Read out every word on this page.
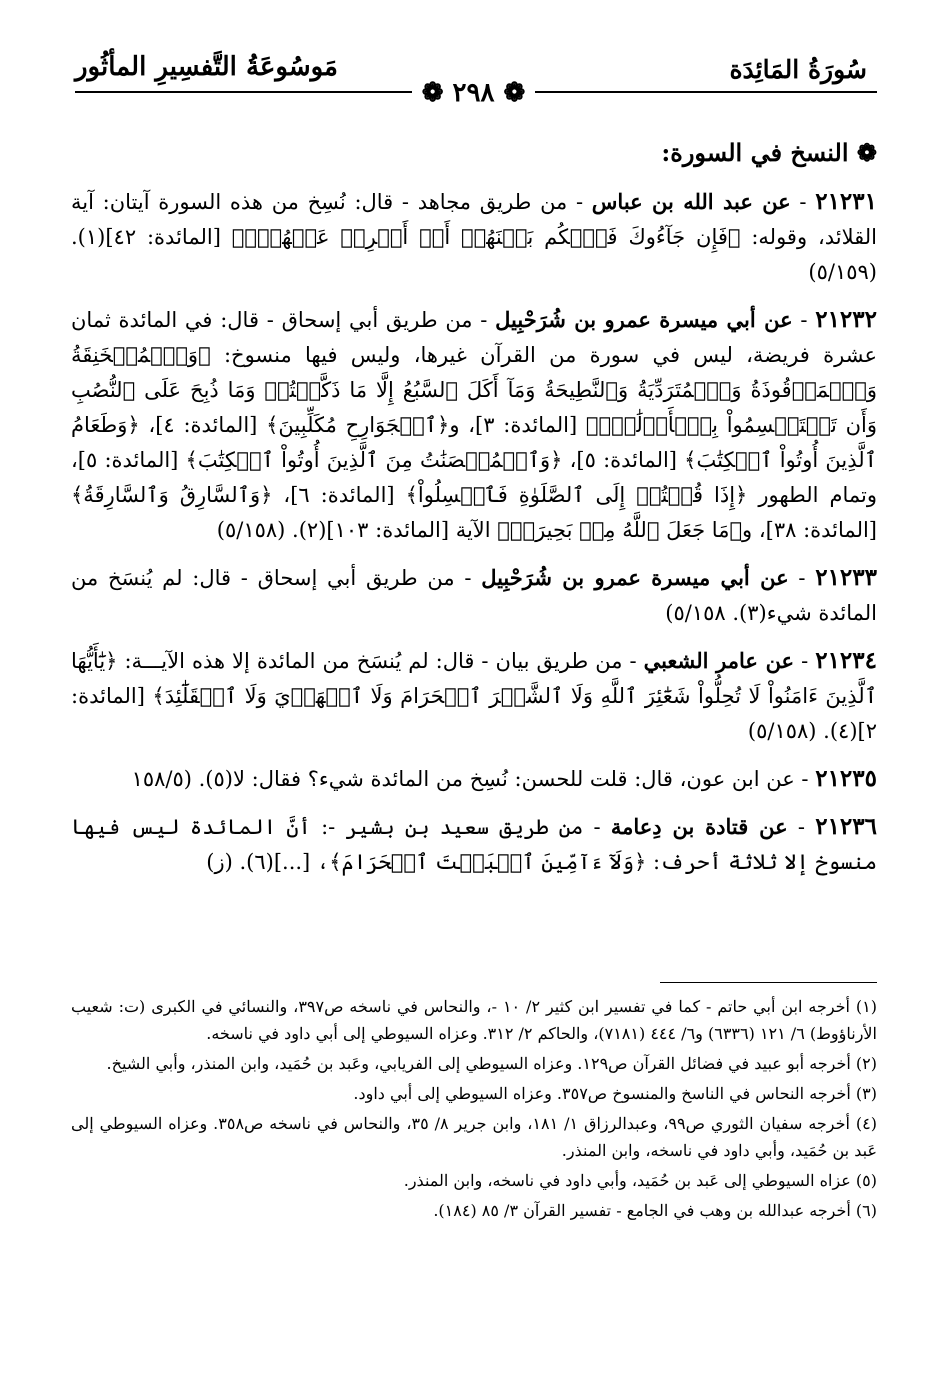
سُورَةُ المَائِدَة
مَوسُوعَةُ التَّفسِيرِ المأثُور
❁ ٢٩٨ ❁
❁ النسخ في السورة:
٢١٢٣١ - عن عبد الله بن عباس - من طريق مجاهد - قال: نُسِخ من هذه السورة آيتان: آية القلائد، وقوله: ﴿فَإِن جَآءُوكَ فَٱحۡكُم بَيۡنَهُمۡ أَوۡ أَعۡرِضۡ عَنۡهُمۡۖ﴾ [المائدة: ٤٢](١). (٥/١٥٩)
٢١٢٣٢ - عن أبي ميسرة عمرو بن شُرَحْبِيل - من طريق أبي إسحاق - قال: في المائدة ثمان عشرة فريضة، ليس في سورة من القرآن غيرها، وليس فيها منسوخ: ﴿وَٱلۡمُنۡخَنِقَةُ وَٱلۡمَوۡقُوذَةُ وَٱلۡمُتَرَدِّيَةُ وَٱلنَّطِيحَةُ وَمَآ أَكَلَ ٱلسَّبُعُ إِلَّا مَا ذَكَّيۡتُمۡ وَمَا ذُبِحَ عَلَى ٱلنُّصُبِ وَأَن تَسۡتَقۡسِمُواْ بِٱلۡأَزۡلَٰمِۚ﴾ [المائدة: ٣]، و﴿ٱلۡجَوَارِحِ مُكَلِّبِينَ﴾ [المائدة: ٤]، ﴿وَطَعَامُ ٱلَّذِينَ أُوتُواْ ٱلۡكِتَٰبَ﴾ [المائدة: ٥]، ﴿وَٱلۡمُحۡصَنَٰتُ مِنَ ٱلَّذِينَ أُوتُواْ ٱلۡكِتَٰبَ﴾ [المائدة: ٥]، وتمام الطهور ﴿إِذَا قُمۡتُمۡ إِلَى ٱلصَّلَوٰةِ فَٱغۡسِلُواْ﴾ [المائدة: ٦]، ﴿وَٱلسَّارِقُ وَٱلسَّارِقَةُ﴾ [المائدة: ٣٨]، و﴿مَا جَعَلَ ٱللَّهُ مِنۢ بَحِيرَةٖ﴾ الآية [المائدة: ١٠٣](٢). (٥/١٥٨)
٢١٢٣٣ - عن أبي ميسرة عمرو بن شُرَحْبِيل - من طريق أبي إسحاق - قال: لم يُنسَخ من المائدة شيء(٣). ٥/١٥٨)
٢١٢٣٤ - عن عامر الشعبي - من طريق بيان - قال: لم يُنسَخ من المائدة إلا هذه الآيـــة: ﴿يَٰٓأَيُّهَا ٱلَّذِينَ ءَامَنُواْ لَا تُحِلُّواْ شَعَٰٓئِرَ ٱللَّهِ وَلَا ٱلشَّهۡرَ ٱلۡحَرَامَ وَلَا ٱلۡهَدۡيَ وَلَا ٱلۡقَلَٰٓئِدَ﴾ [المائدة: ٢](٤). (٥/١٥٨)
٢١٢٣٥ - عن ابن عون، قال: قلت للحسن: نُسِخ من المائدة شيء؟ فقال: لا(٥). (١٥٨/٥
٢١٢٣٦ - عن قتادة بن دِعامة - من طريق سعيد بن بشير -: أنَّ المائدة ليس فيها منسوخ إلا ثلاثة أحرف: ﴿وَلَآ ءَآمِّينَ ٱلۡبَيۡتَ ٱلۡحَرَامَ﴾، [...](٦). (ز)
(١) أخرجه ابن أبي حاتم - كما في تفسير ابن كثير ٢/ ١٠ -، والنحاس في ناسخه ص٣٩٧، والنسائي في الكبرى (ت: شعيب الأرناؤوط) ٦/ ١٢١ (٦٣٣٦) و٦/ ٤٤٤ (٧١٨١)، والحاكم ٢/ ٣١٢. وعزاه السيوطي إلى أبي داود في ناسخه.
(٢) أخرجه أبو عبيد في فضائل القرآن ص١٢٩. وعزاه السيوطي إلى الفريابي، وعَبد بن حُمَيد، وابن المنذر، وأبي الشيخ.
(٣) أخرجه النحاس في الناسخ والمنسوخ ص٣٥٧. وعزاه السيوطي إلى أبي داود.
(٤) أخرجه سفيان الثوري ص٩٩، وعبدالرزاق ١/ ١٨١، وابن جرير ٨/ ٣٥، والنحاس في ناسخه ص٣٥٨. وعزاه السيوطي إلى عَبد بن حُمَيد، وأبي داود في ناسخه، وابن المنذر.
(٥) عزاه السيوطي إلى عَبد بن حُمَيد، وأبي داود في ناسخه، وابن المنذر.
(٦) أخرجه عبدالله بن وهب في الجامع - تفسير القرآن ٣/ ٨٥ (١٨٤).
